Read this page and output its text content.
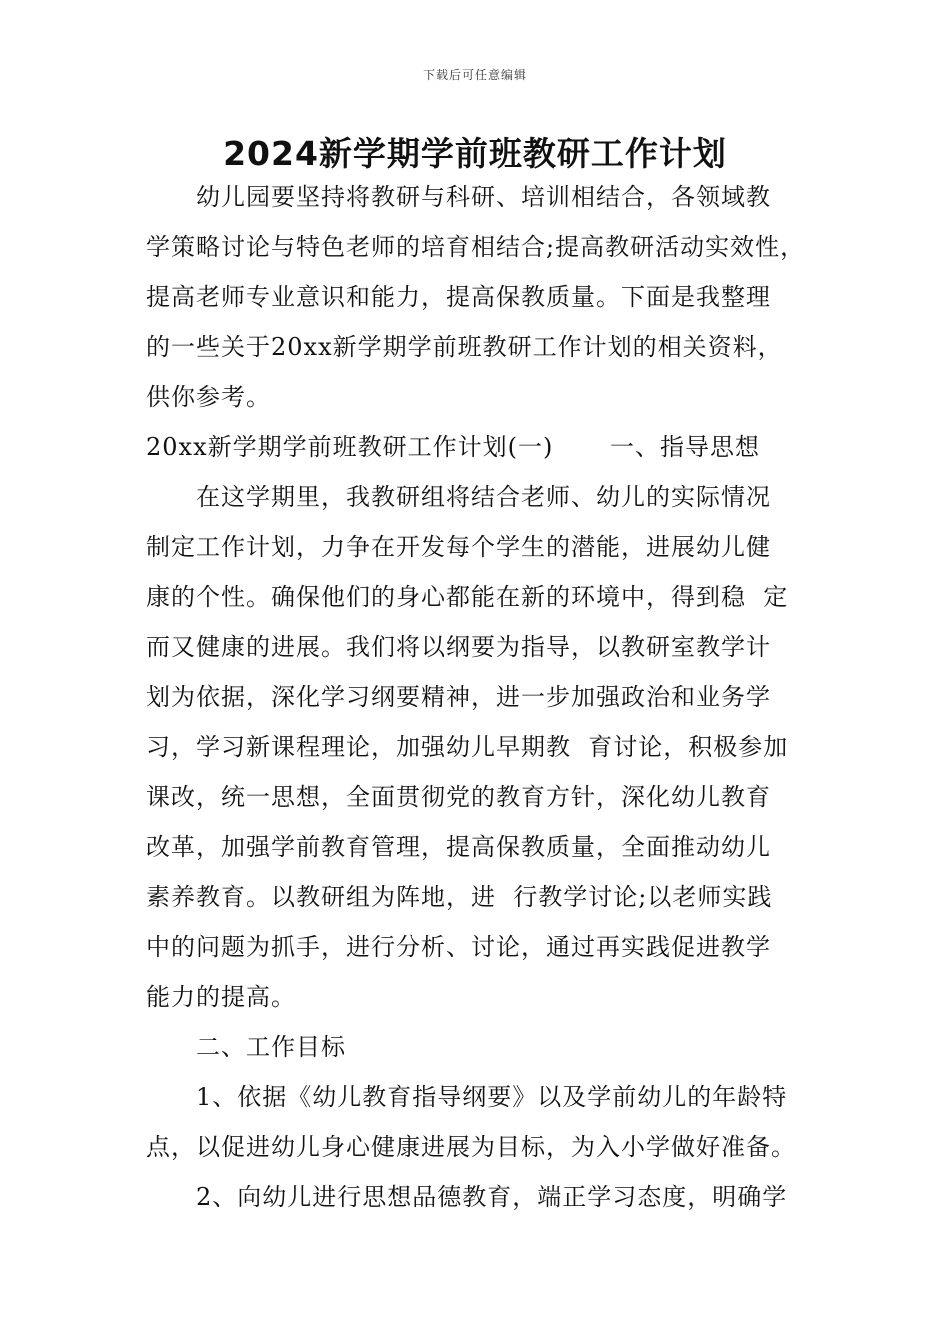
下载后可任意编辑
2024新学期学前班教研工作计划
幼儿园要坚持将教研与科研、培训相结合，各领域教
学策略讨论与特色老师的培育相结合;提高教研活动实效性，
提高老师专业意识和能力，提高保教质量。下面是我整理
的一些关于20xx新学期学前班教研工作计划的相关资料，
供你参考。
20xx新学期学前班教研工作计划(一) 一、指导思想
在这学期里，我教研组将结合老师、幼儿的实际情况
制定工作计划，力争在开发每个学生的潜能，进展幼儿健
康的个性。确保他们的身心都能在新的环境中，得到稳  定
而又健康的进展。我们将以纲要为指导，以教研室教学计
划为依据，深化学习纲要精神，进一步加强政治和业务学
习，学习新课程理论，加强幼儿早期教  育讨论，积极参加
课改，统一思想，全面贯彻党的教育方针，深化幼儿教育
改革，加强学前教育管理，提高保教质量，全面推动幼儿
素养教育。以教研组为阵地，进  行教学讨论;以老师实践
中的问题为抓手，进行分析、讨论，通过再实践促进教学
能力的提高。
二、工作目标
1、依据《幼儿教育指导纲要》以及学前幼儿的年龄特
点，以促进幼儿身心健康进展为目标，为入小学做好准备。
2、向幼儿进行思想品德教育，端正学习态度，明确学
